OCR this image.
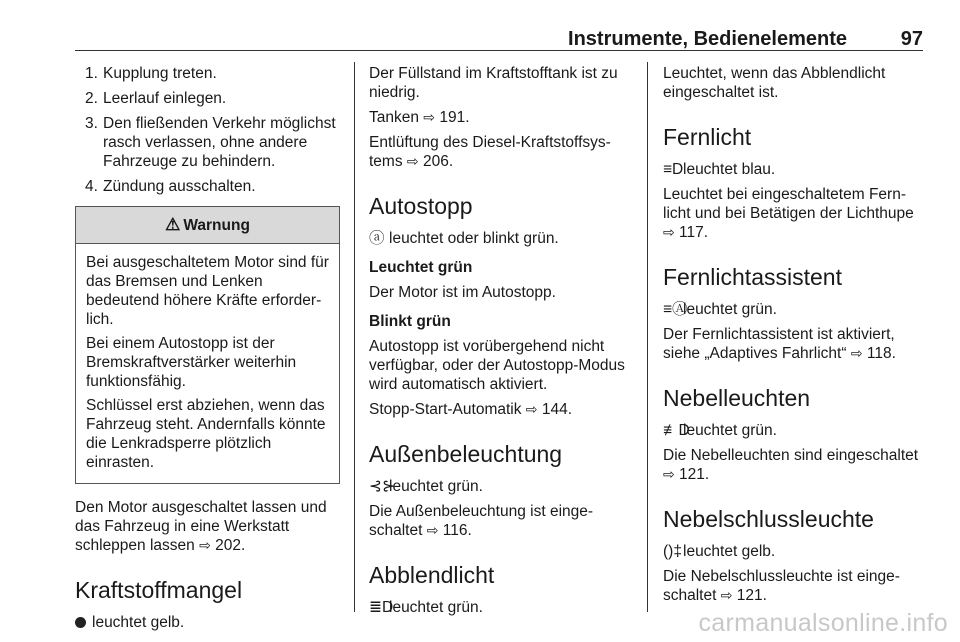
Instrumente, Bedienelemente	97
1. Kupplung treten.
2. Leerlauf einlegen.
3. Den fließenden Verkehr möglichst rasch verlassen, ohne andere Fahrzeuge zu behindern.
4. Zündung ausschalten.
⚠ Warnung

Bei ausgeschaltetem Motor sind für das Bremsen und Lenken bedeutend höhere Kräfte erforder- lich.

Bei einem Autostopp ist der Bremskraftverstärker weiterhin funktionsfähig.

Schlüssel erst abziehen, wenn das Fahrzeug steht. Andernfalls könnte die Lenkradsperre plötzlich einrasten.

Den Motor ausgeschaltet lassen und das Fahrzeug in eine Werkstatt schleppen lassen ⇨ 202.

Kraftstoffmangel

leuchtet gelb.

Der Füllstand im Kraftstofftank ist zu niedrig.

Tanken ⇨ 191.

Entlüftung des Diesel-Kraftstoffsys- tems ⇨ 206.

Autostopp

ⓐ leuchtet oder blinkt grün.

Leuchtet grün

Der Motor ist im Autostopp.

Blinkt grün

Autostopp ist vorübergehend nicht verfügbar, oder der Autostopp-Modus wird automatisch aktiviert.

Stopp-Start-Automatik ⇨ 144.

Außenbeleuchtung

⊰⊱leuchtet grün.

Die Außenbeleuchtung ist einge- schaltet ⇨ 116.

Abblendlicht

≣Dleuchtet grün.

Leuchtet, wenn das Abblendlicht eingeschaltet ist.

Fernlicht

≡Dleuchtet blau.

Leuchtet bei eingeschaltetem Fern- licht und bei Betätigen der Lichthupe ⇨ 117.

Fernlichtassistent

≡Ⓐleuchtet grün.

Der Fernlichtassistent ist aktiviert, siehe „Adaptives Fahrlicht“ ⇨ 118.

Nebelleuchten

≢Dleuchtet grün.

Die Nebelleuchten sind eingeschaltet ⇨ 121.

Nebelschlussleuchte

()‡leuchtet gelb.

Die Nebelschlussleuchte ist einge- schaltet ⇨ 121.

carmanualsonline.info
